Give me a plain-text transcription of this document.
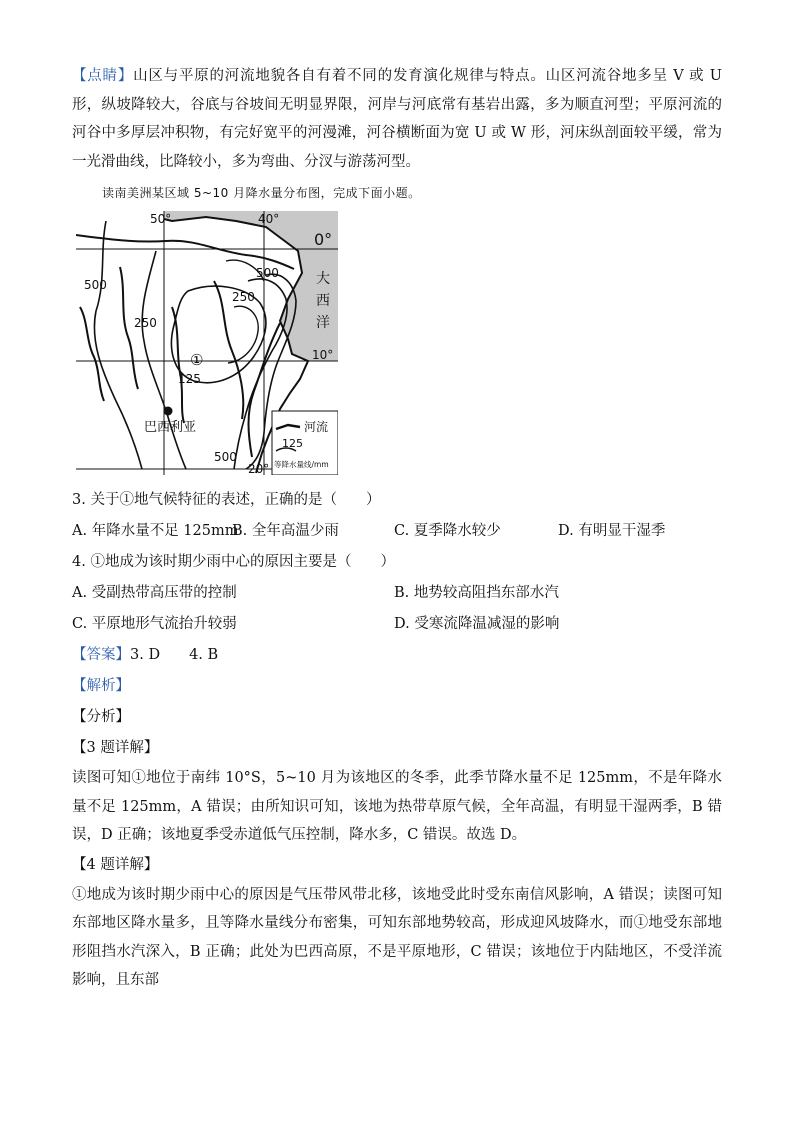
【点睛】山区与平原的河流地貌各自有着不同的发育演化规律与特点。山区河流谷地多呈 V 或 U 形，纵坡降较大，谷底与谷坡间无明显界限，河岸与河底常有基岩出露，多为顺直河型；平原河流的河谷中多厚层冲积物，有完好宽平的河漫滩，河谷横断面为宽 U 或 W 形，河床纵剖面较平缓，常为一光滑曲线，比降较小，多为弯曲、分汊与游荡河型。

读南美洲某区域 5~10 月降水量分布图，完成下面小题。

50°	40°
0°
10°
20°
大
西
洋
500
500
250
250
125
500
①
巴西利亚	河流
125
等降水量线/mm

3. 关于①地气候特征的表述，正确的是（　　）

A. 年降水量不足 125mm
B. 全年高温少雨	C. 夏季降水较少	D. 有明显干湿季

4. ①地成为该时期少雨中心的原因主要是（　　）

A. 受副热带高压带的控制	B. 地势较高阻挡东部水汽
C. 平原地形气流抬升较弱	D. 受寒流降温减湿的影响

【答案】3. D　　4. B

【解析】

【分析】

【3 题详解】

读图可知①地位于南纬 10°S，5~10 月为该地区的冬季，此季节降水量不足 125mm，不是年降水量不足 125mm，A 错误；由所知识可知，该地为热带草原气候，全年高温，有明显干湿两季，B 错误，D 正确；该地夏季受赤道低气压控制，降水多，C 错误。故选 D。

【4 题详解】

①地成为该时期少雨中心的原因是气压带风带北移，该地受此时受东南信风影响，A 错误；读图可知东部地区降水量多，且等降水量线分布密集，可知东部地势较高，形成迎风坡降水，而①地受东部地形阻挡水汽深入，B 正确；此处为巴西高原，不是平原地形，C 错误；该地位于内陆地区，不受洋流影响，且东部
